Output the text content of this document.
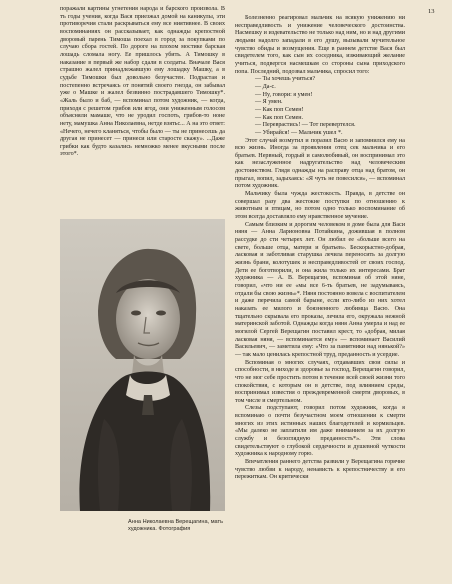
13

поражали картины угнетения народа и барского произвола. В тъ годы учения, когда Вася приезжал домой на каникулы, эти противоречия стали раскрываться ему все ниятивнее. В своих воспоминаниях он рассказывает, как однажды крепостной дворовый парень Тимоша поехал в город за покупками по случаю сбора гостей. По дороге на плохом мостике барская лошадь сломала ногу. Ее пришлось убить. А Тимошку в наказание в первый же набор сдали в солдаты. Вначале Вася страшно жалел принадлежавшую ему лошадку Машку, а в судьбе Тимошки был довольно безучастен. Подрастая и постепенно встречаясь от понятий своего гнездa, он забывал уже о Машке и жалел безвинно пострадавшего Тимошку*. «Жаль было и баб, — вспоминал потом художник, — когда, приходя с решетом грибов или ягод, они униженным голосом объясняли мамаше, что не уродил госпоть, грибов-то ноне нету, мамушка Анна Николаевна, нетде взятьс... А на это ответ: «Нечего, нечего кланяться, чтобы было — ты не принесешь да другая не принесет — принеси или старосте скажу». ...Даже грибки как будто казались немножко менее вкусными после этого*.

Анна Николаевна Верещагина, мать художника. Фотография

Болезненно реагировал мальчик на всякую унижению ни несправедливость и унижение человеческого достоинства. Насмешку и издевательство не только над ним, но и над другими людьми надолго западали в его душу, вызывали мучительное чувство обиды и возмущения. Еще в раннем детстве Вася был свидетелем того, как сын их соседника, изживающий желание учиться, подвергся насмешкам со стороны сына приходского попа. Последний, подозвал мальчика, спросил того:

— Ты хочешь учиться?

— Да-с.

— Ну, говори: я умен!

— Я умен.

— Как поп Семен!

— Как поп Семен.

— Переврастись! — Тот перевертелся.

— Убирайся! — Мальчик ушел *.

Этот случай возмутил и поразил Васю и запомнился ему на всю жизнь. Иногда за проявления отец сек мальчика и его братьев. Нервный, гордый и самолюбивый, он воспринимал это как незаслуженное надругательство над человеческим достоинством. Глядя однажды на расправу отца над братом, он прыгал, вопил, задыхаясь: «Я чуть не повесился», — вспоминал потом художник.

Мальчику была чужда жестокость. Правда, в детстве он совершал разу два жестокие поступки по отношению к животным и птицам, но потом одно только воспоминание об этом всегда доставляло ему нравственное мучение.

Самым близким и дорогим человеком в доме была для Васи няня — Анна Ларионовна Потайкина, дожившая в полном рассудке до сти четырех лет. Он любил ее «больше всего на свете, больше отца, матери и братьев». Бескорыстно-добрая, ласковая и заботливая старушка лечила переносить за долгую жизнь брани, колотушек и несправедливостей от своих господ. Дети ее боготворили, и она жила только их интересами. Брат художника — А. В. Верещагин, вспоминая об этой няне, говорил, «что ни ее «мы все 6-ть братьев, не задумываясь, отдали бы свою жизнь»*. Няня постоянно вовела с воспитателем и даже перечила самой барыне, если кто-либо из них хотел наказать ее милого и боязненного любимца Васю. Она тщательно скрывала его проказы, лечила его, окружала нежной материнской заботой. Однажды когда няня Анна умерла и над ее могилой Сергей Верещагин поставил крест, то «добрая, милая ласковая няня, — вспоминается ему» — вспоминает Василий Васильевич, — заметила ему: «Что за памятники над нянькой?» — так мало ценилась крепостной труд, преданность и усердие.

Вспоминая о многих случаях, отдававших свои силы и способности, в ниходе и здоровье за господ, Верещагин говорил, что не мог себе простить потом в течение всей своей жизни того спокойствия, с которым он в детстве, под влиянием среды, воспринимал известия о преждевременной смерти дворовых, в том числе и смертельном.

Слезы подступают, говорил потом художник, когда я вспоминаю о почти безучастном моем отношении к смерти многих из этих истинных наших благодетелей и кормильцев. «Мы далеко не заплатили им даже вниманием за их долгую службу и безоглядную преданность*». Эти слова свидетельствуют о глубокой сердечности и душевной чуткости художника к народному горю.

Впечатления раннего детства развили у Верещагина горячие чувство любви к народу, ненависть к крепостничеству и его пережиткам. Он критически
